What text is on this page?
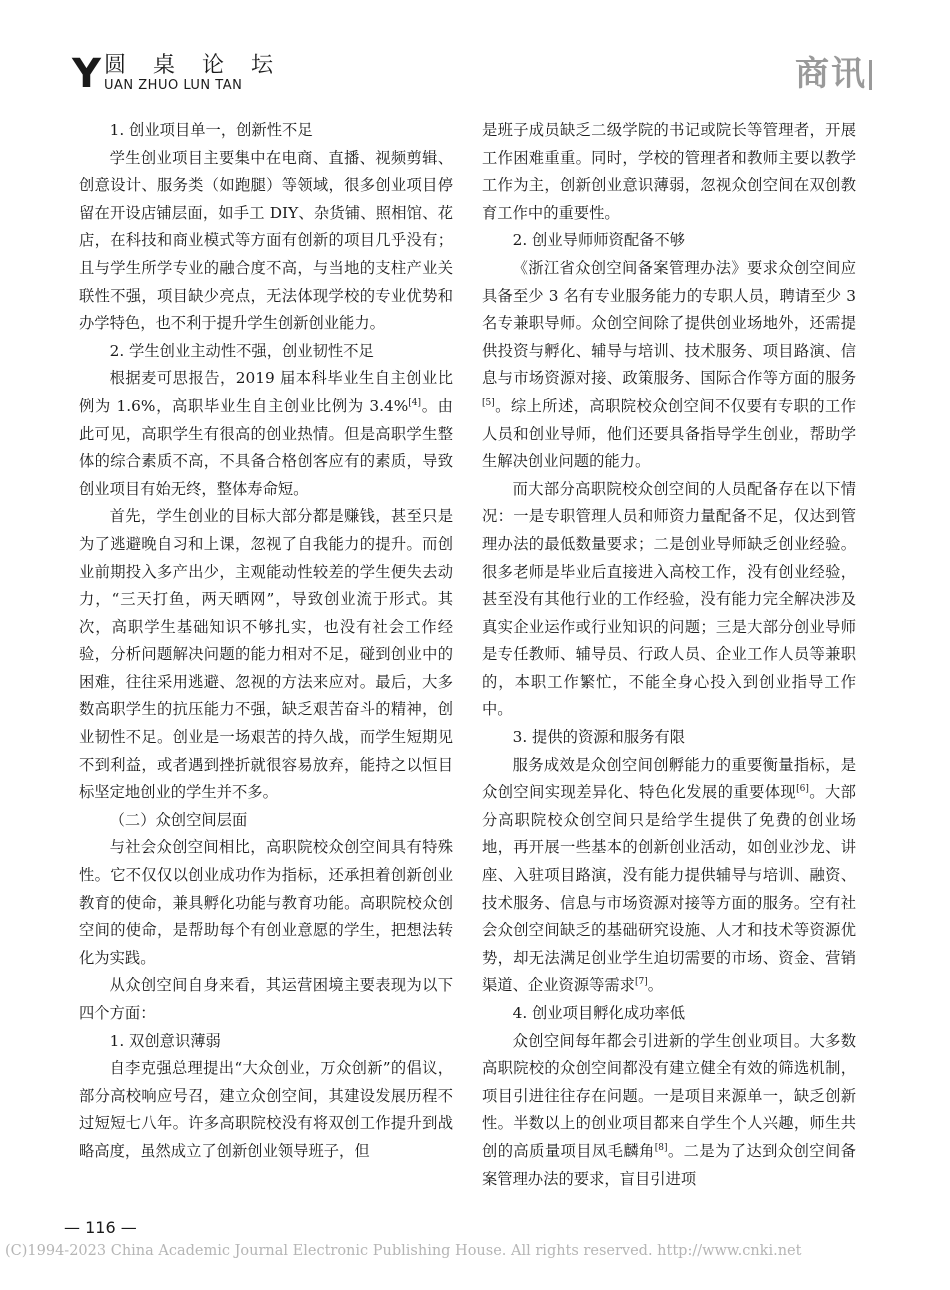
Y 圆 桌 论 坛
UAN ZHUO LUN TAN	商讯

1. 创业项目单一，创新性不足

学生创业项目主要集中在电商、直播、视频剪辑、创意设计、服务类（如跑腿）等领域，很多创业项目停留在开设店铺层面，如手工 DIY、杂货铺、照相馆、花店，在科技和商业模式等方面有创新的项目几乎没有；且与学生所学专业的融合度不高，与当地的支柱产业关联性不强，项目缺少亮点，无法体现学校的专业优势和办学特色，也不利于提升学生创新创业能力。

2. 学生创业主动性不强，创业韧性不足

根据麦可思报告，2019 届本科毕业生自主创业比例为 1.6%，高职毕业生自主创业比例为 3.4%[4]。由此可见，高职学生有很高的创业热情。但是高职学生整体的综合素质不高，不具备合格创客应有的素质，导致创业项目有始无终，整体寿命短。

首先，学生创业的目标大部分都是赚钱，甚至只是为了逃避晚自习和上课，忽视了自我能力的提升。而创业前期投入多产出少，主观能动性较差的学生便失去动力，“三天打鱼，两天晒网”，导致创业流于形式。其次，高职学生基础知识不够扎实，也没有社会工作经验，分析问题解决问题的能力相对不足，碰到创业中的困难，往往采用逃避、忽视的方法来应对。最后，大多数高职学生的抗压能力不强，缺乏艰苦奋斗的精神，创业韧性不足。创业是一场艰苦的持久战，而学生短期见不到利益，或者遇到挫折就很容易放弃，能持之以恒目标坚定地创业的学生并不多。

（二）众创空间层面

与社会众创空间相比，高职院校众创空间具有特殊性。它不仅仅以创业成功作为指标，还承担着创新创业教育的使命，兼具孵化功能与教育功能。高职院校众创空间的使命，是帮助每个有创业意愿的学生，把想法转化为实践。

从众创空间自身来看，其运营困境主要表现为以下四个方面：

1. 双创意识薄弱

自李克强总理提出“大众创业，万众创新”的倡议，部分高校响应号召，建立众创空间，其建设发展历程不过短短七八年。许多高职院校没有将双创工作提升到战略高度，虽然成立了创新创业领导班子，但

是班子成员缺乏二级学院的书记或院长等管理者，开展工作困难重重。同时，学校的管理者和教师主要以教学工作为主，创新创业意识薄弱，忽视众创空间在双创教育工作中的重要性。

2. 创业导师师资配备不够

《浙江省众创空间备案管理办法》要求众创空间应具备至少 3 名有专业服务能力的专职人员，聘请至少 3 名专兼职导师。众创空间除了提供创业场地外，还需提供投资与孵化、辅导与培训、技术服务、项目路演、信息与市场资源对接、政策服务、国际合作等方面的服务[5]。综上所述，高职院校众创空间不仅要有专职的工作人员和创业导师，他们还要具备指导学生创业，帮助学生解决创业问题的能力。

而大部分高职院校众创空间的人员配备存在以下情况：一是专职管理人员和师资力量配备不足，仅达到管理办法的最低数量要求；二是创业导师缺乏创业经验。很多老师是毕业后直接进入高校工作，没有创业经验，甚至没有其他行业的工作经验，没有能力完全解决涉及真实企业运作或行业知识的问题；三是大部分创业导师是专任教师、辅导员、行政人员、企业工作人员等兼职的，本职工作繁忙，不能全身心投入到创业指导工作中。

3. 提供的资源和服务有限

服务成效是众创空间创孵能力的重要衡量指标，是众创空间实现差异化、特色化发展的重要体现[6]。大部分高职院校众创空间只是给学生提供了免费的创业场地，再开展一些基本的创新创业活动，如创业沙龙、讲座、入驻项目路演，没有能力提供辅导与培训、融资、技术服务、信息与市场资源对接等方面的服务。空有社会众创空间缺乏的基础研究设施、人才和技术等资源优势，却无法满足创业学生迫切需要的市场、资金、营销渠道、企业资源等需求[7]。

4. 创业项目孵化成功率低

众创空间每年都会引进新的学生创业项目。大多数高职院校的众创空间都没有建立健全有效的筛选机制，项目引进往往存在问题。一是项目来源单一，缺乏创新性。半数以上的创业项目都来自学生个人兴趣，师生共创的高质量项目凤毛麟角[8]。二是为了达到众创空间备案管理办法的要求，盲目引进项

— 116 —
(C)1994-2023 China Academic Journal Electronic Publishing House. All rights reserved. http://www.cnki.net
